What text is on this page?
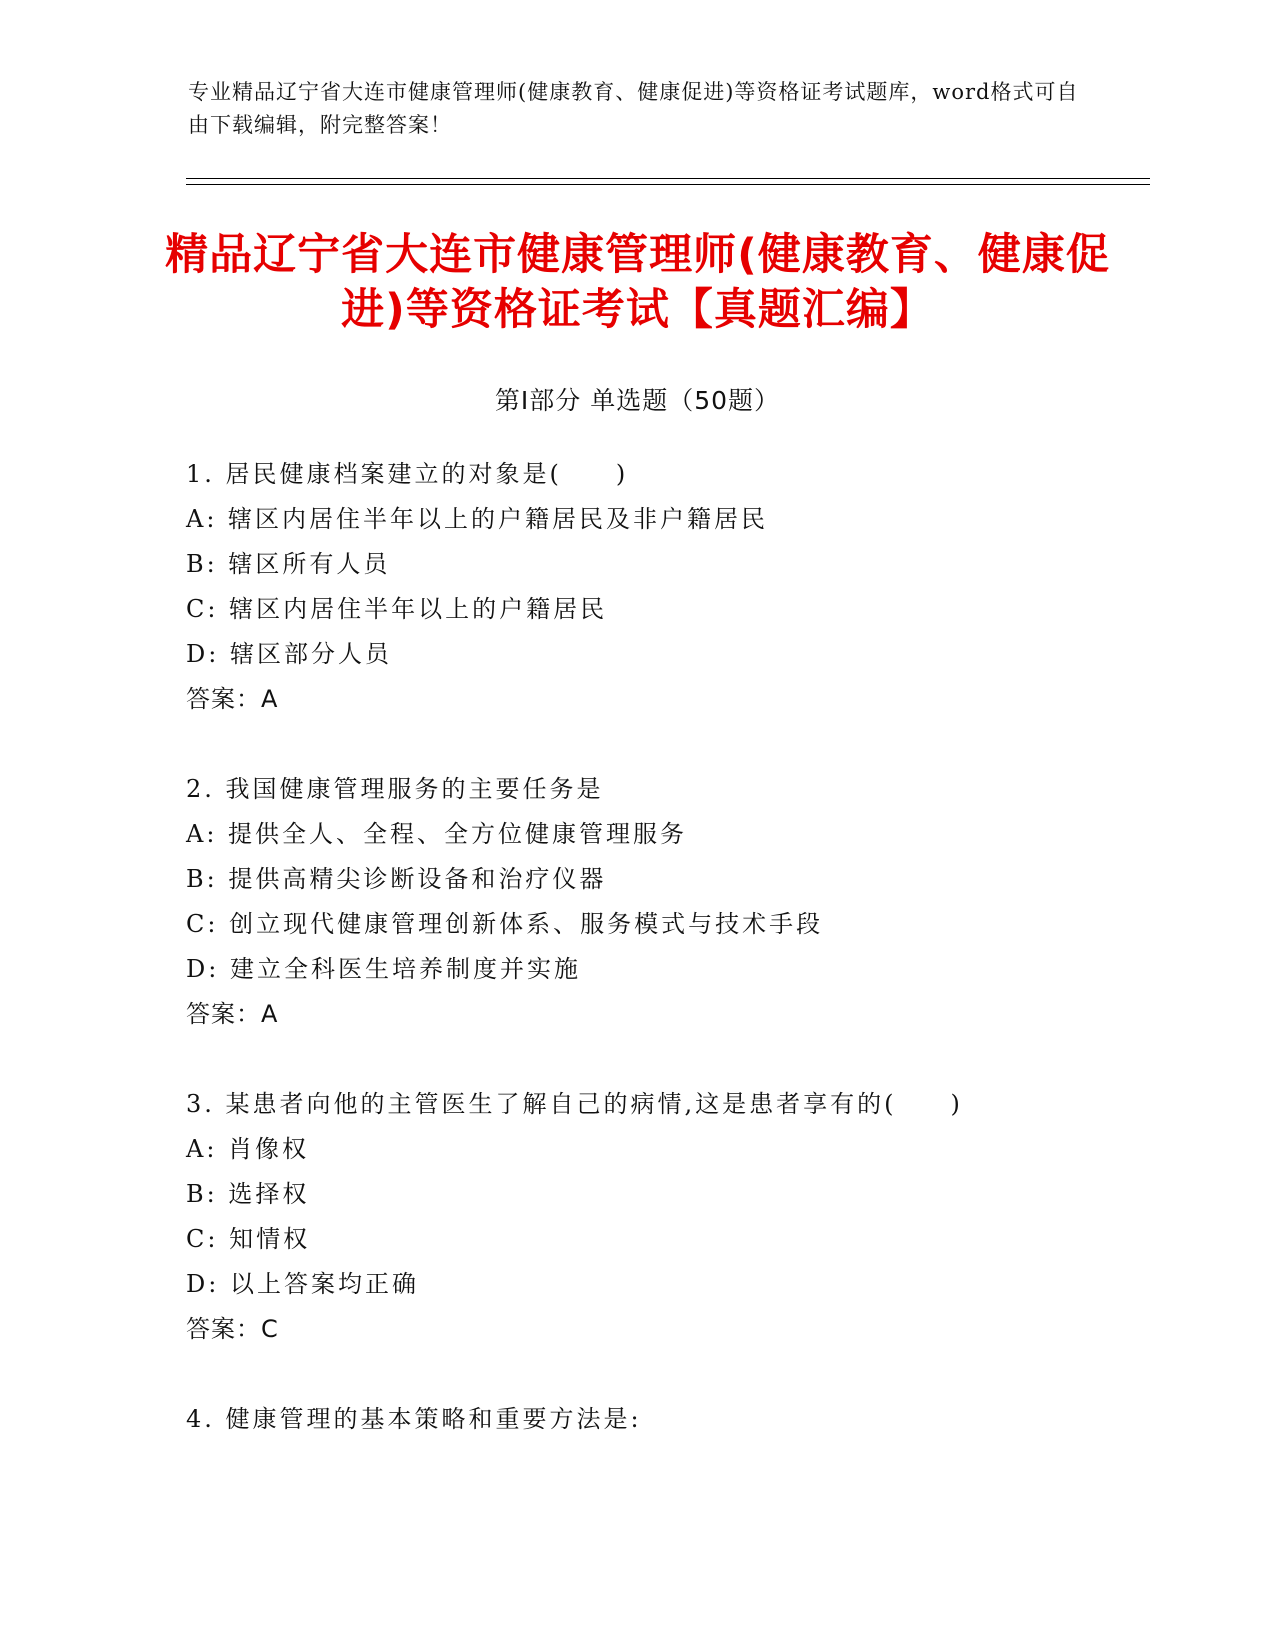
专业精品辽宁省大连市健康管理师(健康教育、健康促进)等资格证考试题库，word格式可自由下载编辑，附完整答案！
精品辽宁省大连市健康管理师(健康教育、健康促进)等资格证考试【真题汇编】
第Ⅰ部分 单选题（50题）
1. 居民健康档案建立的对象是(　　)
A: 辖区内居住半年以上的户籍居民及非户籍居民
B: 辖区所有人员
C: 辖区内居住半年以上的户籍居民
D: 辖区部分人员
答案：A
2. 我国健康管理服务的主要任务是
A: 提供全人、全程、全方位健康管理服务
B: 提供高精尖诊断设备和治疗仪器
C: 创立现代健康管理创新体系、服务模式与技术手段
D: 建立全科医生培养制度并实施
答案：A
3. 某患者向他的主管医生了解自己的病情,这是患者享有的(　　)
A: 肖像权
B: 选择权
C: 知情权
D: 以上答案均正确
答案：C
4. 健康管理的基本策略和重要方法是:
